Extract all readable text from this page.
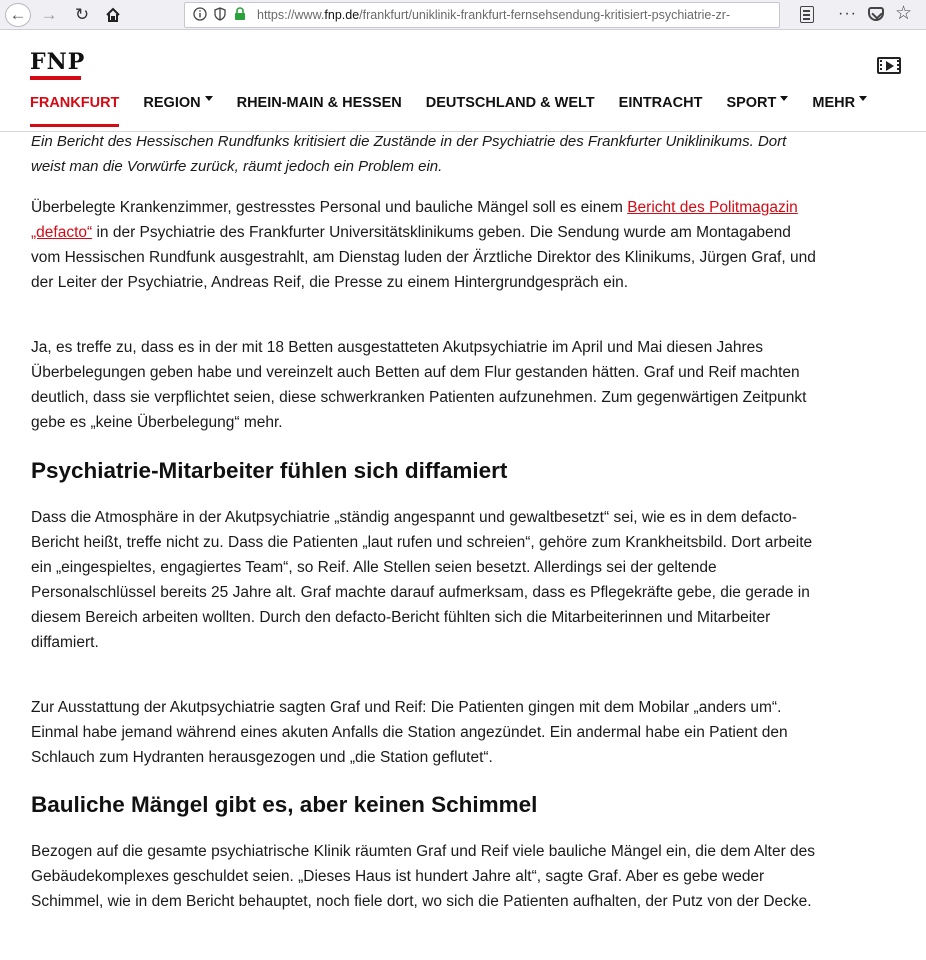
← → ↻	https://www.fnp.de/frankfurt/uniklinik-frankfurt-fernsehsendung-kritisiert-psychiatrie-zr-	··· ☆
FNP
FRANKFURT REGION RHEIN-MAIN & HESSEN DEUTSCHLAND & WELT EINTRACHT SPORT MEHR

Ein Bericht des Hessischen Rundfunks kritisiert die Zustände in der Psychiatrie des Frankfurter Uniklinikums. Dort weist man die Vorwürfe zurück, räumt jedoch ein Problem ein.

Überbelegte Krankenzimmer, gestresstes Personal und bauliche Mängel soll es einem Bericht des Politmagazin „defacto“ in der Psychiatrie des Frankfurter Universitätsklinikums geben. Die Sendung wurde am Montagabend vom Hessischen Rundfunk ausgestrahlt, am Dienstag luden der Ärztliche Direktor des Klinikums, Jürgen Graf, und der Leiter der Psychiatrie, Andreas Reif, die Presse zu einem Hintergrundgespräch ein.

Ja, es treffe zu, dass es in der mit 18 Betten ausgestatteten Akutpsychiatrie im April und Mai diesen Jahres Überbelegungen geben habe und vereinzelt auch Betten auf dem Flur gestanden hätten. Graf und Reif machten deutlich, dass sie verpflichtet seien, diese schwerkranken Patienten aufzunehmen. Zum gegenwärtigen Zeitpunkt gebe es „keine Überbelegung“ mehr.

Psychiatrie-Mitarbeiter fühlen sich diffamiert

Dass die Atmosphäre in der Akutpsychiatrie „ständig angespannt und gewaltbesetzt“ sei, wie es in dem defacto-Bericht heißt, treffe nicht zu. Dass die Patienten „laut rufen und schreien“, gehöre zum Krankheitsbild. Dort arbeite ein „eingespieltes, engagiertes Team“, so Reif. Alle Stellen seien besetzt. Allerdings sei der geltende Personalschlüssel bereits 25 Jahre alt. Graf machte darauf aufmerksam, dass es Pflegekräfte gebe, die gerade in diesem Bereich arbeiten wollten. Durch den defacto-Bericht fühlten sich die Mitarbeiterinnen und Mitarbeiter diffamiert.

Zur Ausstattung der Akutpsychiatrie sagten Graf und Reif: Die Patienten gingen mit dem Mobilar „anders um“. Einmal habe jemand während eines akuten Anfalls die Station angezündet. Ein andermal habe ein Patient den Schlauch zum Hydranten herausgezogen und „die Station geflutet“.

Bauliche Mängel gibt es, aber keinen Schimmel

Bezogen auf die gesamte psychiatrische Klinik räumten Graf und Reif viele bauliche Mängel ein, die dem Alter des Gebäudekomplexes geschuldet seien. „Dieses Haus ist hundert Jahre alt“, sagte Graf. Aber es gebe weder Schimmel, wie in dem Bericht behauptet, noch fiele dort, wo sich die Patienten aufhalten, der Putz von der Decke.
